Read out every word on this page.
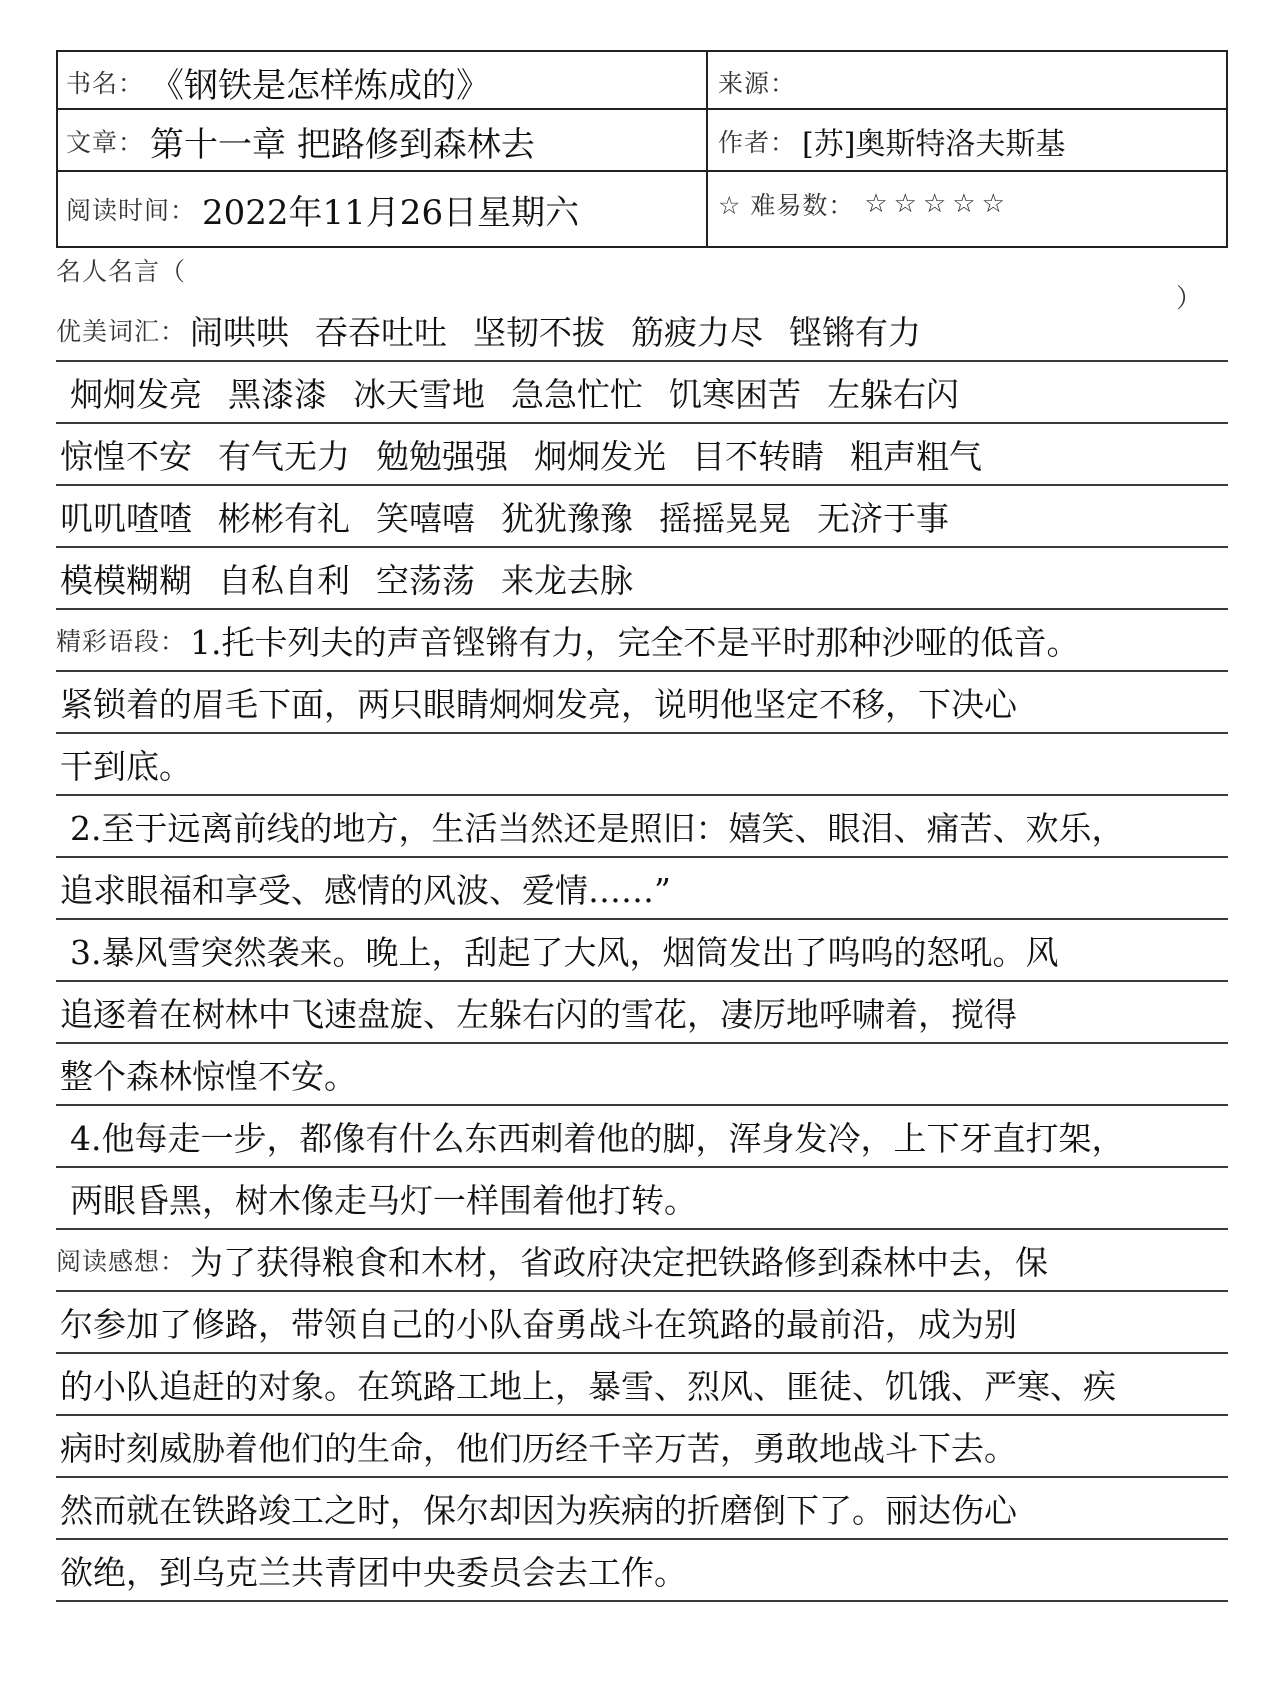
书名： 《钢铁是怎样炼成的》	来源：
文章： 第十一章 把路修到森林去	作者： [苏]奥斯特洛夫斯基
阅读时间： 2022年11月26日星期六	☆ 难易数： ☆☆☆☆☆
名人名言（
）
优美词汇： 闹哄哄 吞吞吐吐 坚韧不拔 筋疲力尽 铿锵有力
炯炯发亮 黑漆漆 冰天雪地 急急忙忙 饥寒困苦 左躲右闪
惊惶不安 有气无力 勉勉强强 炯炯发光 目不转睛 粗声粗气
叽叽喳喳 彬彬有礼 笑嘻嘻 犹犹豫豫 摇摇晃晃 无济于事
模模糊糊 自私自利 空荡荡 来龙去脉
精彩语段： 1.托卡列夫的声音铿锵有力，完全不是平时那种沙哑的低音。
紧锁着的眉毛下面，两只眼睛炯炯发亮，说明他坚定不移，下决心
干到底。
2.至于远离前线的地方，生活当然还是照旧：嬉笑、眼泪、痛苦、欢乐，
追求眼福和享受、感情的风波、爱情……”
3.暴风雪突然袭来。晚上，刮起了大风，烟筒发出了呜呜的怒吼。风
追逐着在树林中飞速盘旋、左躲右闪的雪花，凄厉地呼啸着，搅得
整个森林惊惶不安。
4.他每走一步，都像有什么东西刺着他的脚，浑身发冷，上下牙直打架，
两眼昏黑，树木像走马灯一样围着他打转。
阅读感想： 为了获得粮食和木材，省政府决定把铁路修到森林中去，保
尔参加了修路，带领自己的小队奋勇战斗在筑路的最前沿，成为别
的小队追赶的对象。在筑路工地上，暴雪、烈风、匪徒、饥饿、严寒、疾
病时刻威胁着他们的生命，他们历经千辛万苦，勇敢地战斗下去。
然而就在铁路竣工之时，保尔却因为疾病的折磨倒下了。丽达伤心
欲绝，到乌克兰共青团中央委员会去工作。
